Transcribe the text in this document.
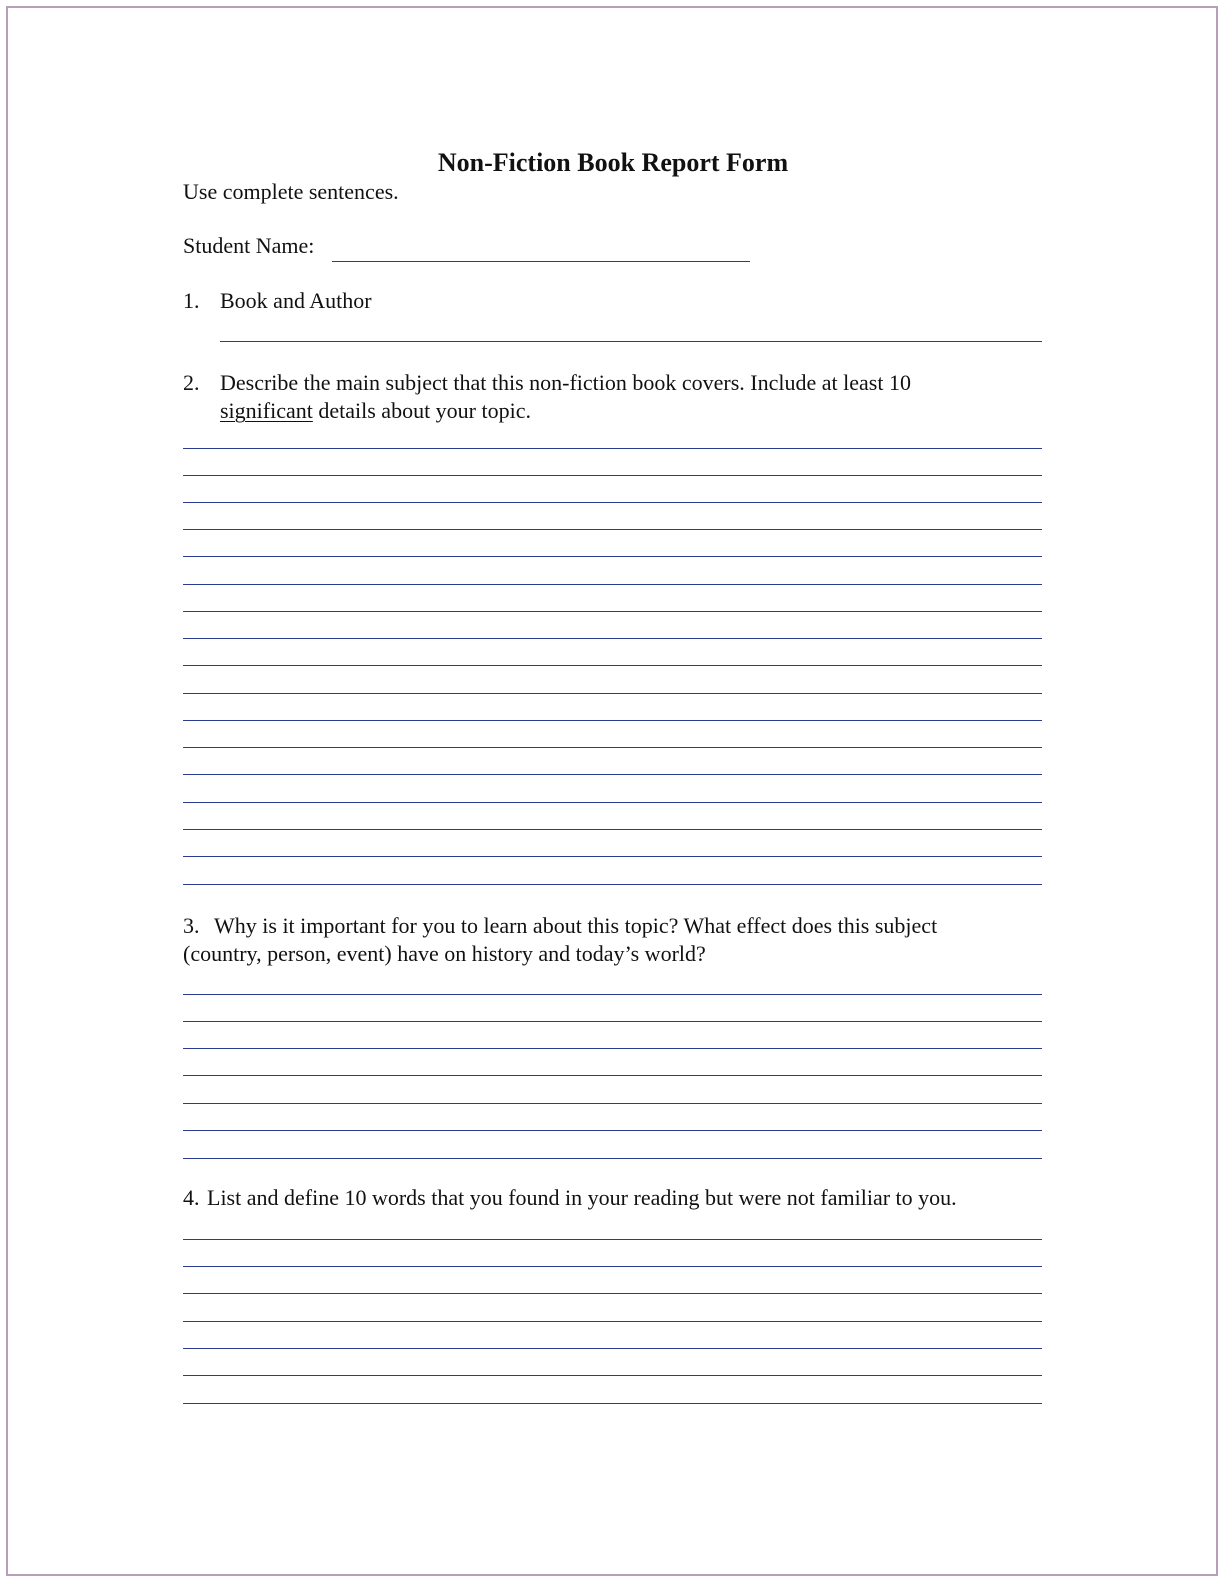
Non-Fiction Book Report Form
Use complete sentences.
Student Name:
1. Book and Author
2. Describe the main subject that this non-fiction book covers. Include at least 10
significant details about your topic.
3. Why is it important for you to learn about this topic? What effect does this subject
(country, person, event) have on history and today’s world?
4. List and define 10 words that you found in your reading but were not familiar to you.
